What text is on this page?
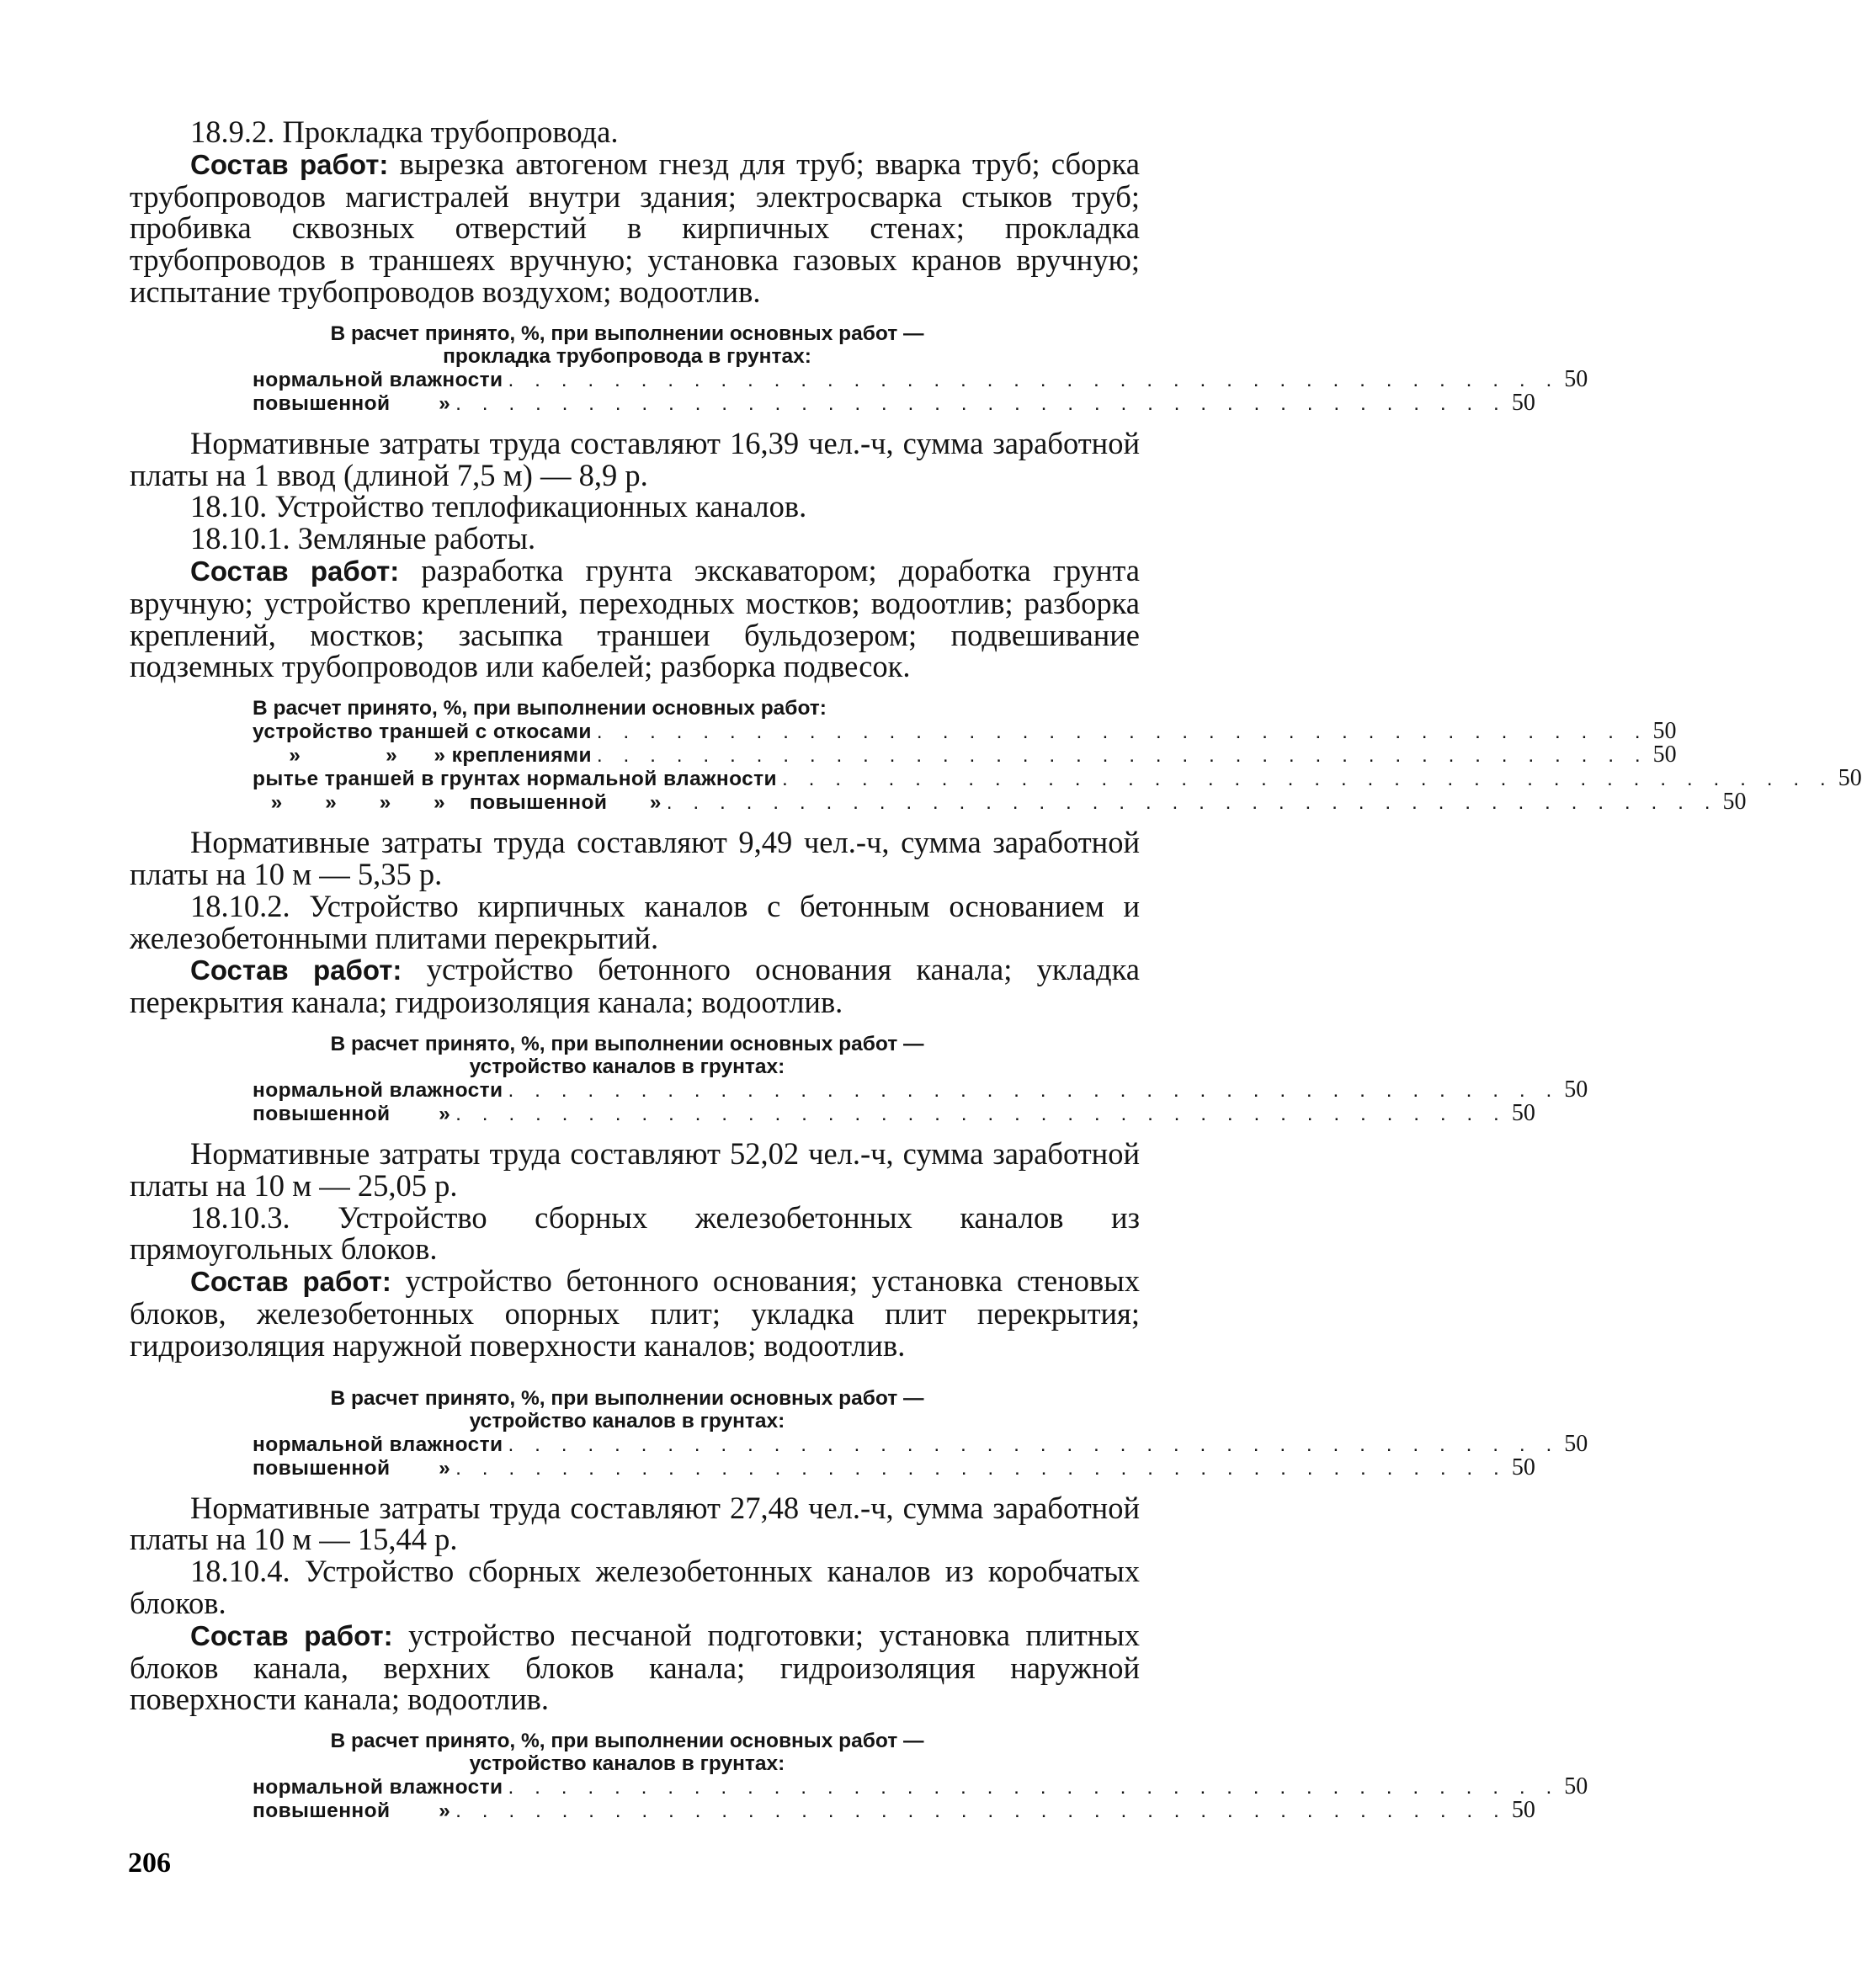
18.9.2. Прокладка трубопровода.

Состав работ: вырезка автогеном гнезд для труб; вварка труб; сборка трубопроводов магистралей внутри здания; электросварка стыков труб; пробивка сквозных отверстий в кирпичных стенах; прокладка трубопроводов в траншеях вручную; установка газовых кранов вручную; испытание трубопроводов воздухом; водоотлив.

В расчет принято, %, при выполнении основных работ —
прокладка трубопровода в грунтах:
нормальной влажности . . . . . . . . . . . . . . . . . . . . . . . . . . . . . . . . . . . . . . . . 50
повышенной        » . . . . . . . . . . . . . . . . . . . . . . . . . . . . . . . . . . . . . . . . 50

Нормативные затраты труда составляют 16,39 чел.-ч, сумма заработной платы на 1 ввод (длиной 7,5 м) — 8,9 р.

18.10. Устройство теплофикационных каналов.

18.10.1. Земляные работы.

Состав работ: разработка грунта экскаватором; доработка грунта вручную; устройство креплений, переходных мостков; водоотлив; разборка креплений, мостков; засыпка траншеи бульдозером; подвешивание подземных трубопроводов или кабелей; разборка подвесок.

В расчет принято, %, при выполнении основных работ:
устройство траншей с откосами . . . . . . . . . . . . . . . . . . . . . . . . . . . . . . . . . . . . . . . . 50
»              »      » креплениями . . . . . . . . . . . . . . . . . . . . . . . . . . . . . . . . . . . . . . . . 50
рытье траншей в грунтах нормальной влажности . . . . . . . . . . . . . . . . . . . . . . . . . . . . . . . . . . . . . . . . 50
»       »       »       »    повышенной       » . . . . . . . . . . . . . . . . . . . . . . . . . . . . . . . . . . . . . . . . 50

Нормативные затраты труда составляют 9,49 чел.-ч, сумма заработной платы на 10 м — 5,35 р.

18.10.2. Устройство кирпичных каналов с бетонным основанием и железобетонными плитами перекрытий.

Состав работ: устройство бетонного основания канала; укладка перекрытия канала; гидроизоляция канала; водоотлив.

В расчет принято, %, при выполнении основных работ —
устройство каналов в грунтах:
нормальной влажности . . . . . . . . . . . . . . . . . . . . . . . . . . . . . . . . . . . . . . . . 50
повышенной        » . . . . . . . . . . . . . . . . . . . . . . . . . . . . . . . . . . . . . . . . 50

Нормативные затраты труда составляют 52,02 чел.-ч, сумма заработной платы на 10 м — 25,05 р.

18.10.3. Устройство сборных железобетонных каналов из прямоугольных блоков.

Состав работ: устройство бетонного основания; установка стеновых блоков, железобетонных опорных плит; укладка плит перекрытия; гидроизоляция наружной поверхности каналов; водоотлив.

В расчет принято, %, при выполнении основных работ —
устройство каналов в грунтах:
нормальной влажности . . . . . . . . . . . . . . . . . . . . . . . . . . . . . . . . . . . . . . . . 50
повышенной        » . . . . . . . . . . . . . . . . . . . . . . . . . . . . . . . . . . . . . . . . 50

Нормативные затраты труда составляют 27,48 чел.-ч, сумма заработной платы на 10 м — 15,44 р.

18.10.4. Устройство сборных железобетонных каналов из коробчатых блоков.

Состав работ: устройство песчаной подготовки; установка плитных блоков канала, верхних блоков канала; гидроизоляция наружной поверхности канала; водоотлив.

В расчет принято, %, при выполнении основных работ —
устройство каналов в грунтах:
нормальной влажности . . . . . . . . . . . . . . . . . . . . . . . . . . . . . . . . . . . . . . . . 50
повышенной        » . . . . . . . . . . . . . . . . . . . . . . . . . . . . . . . . . . . . . . . . 50
206
